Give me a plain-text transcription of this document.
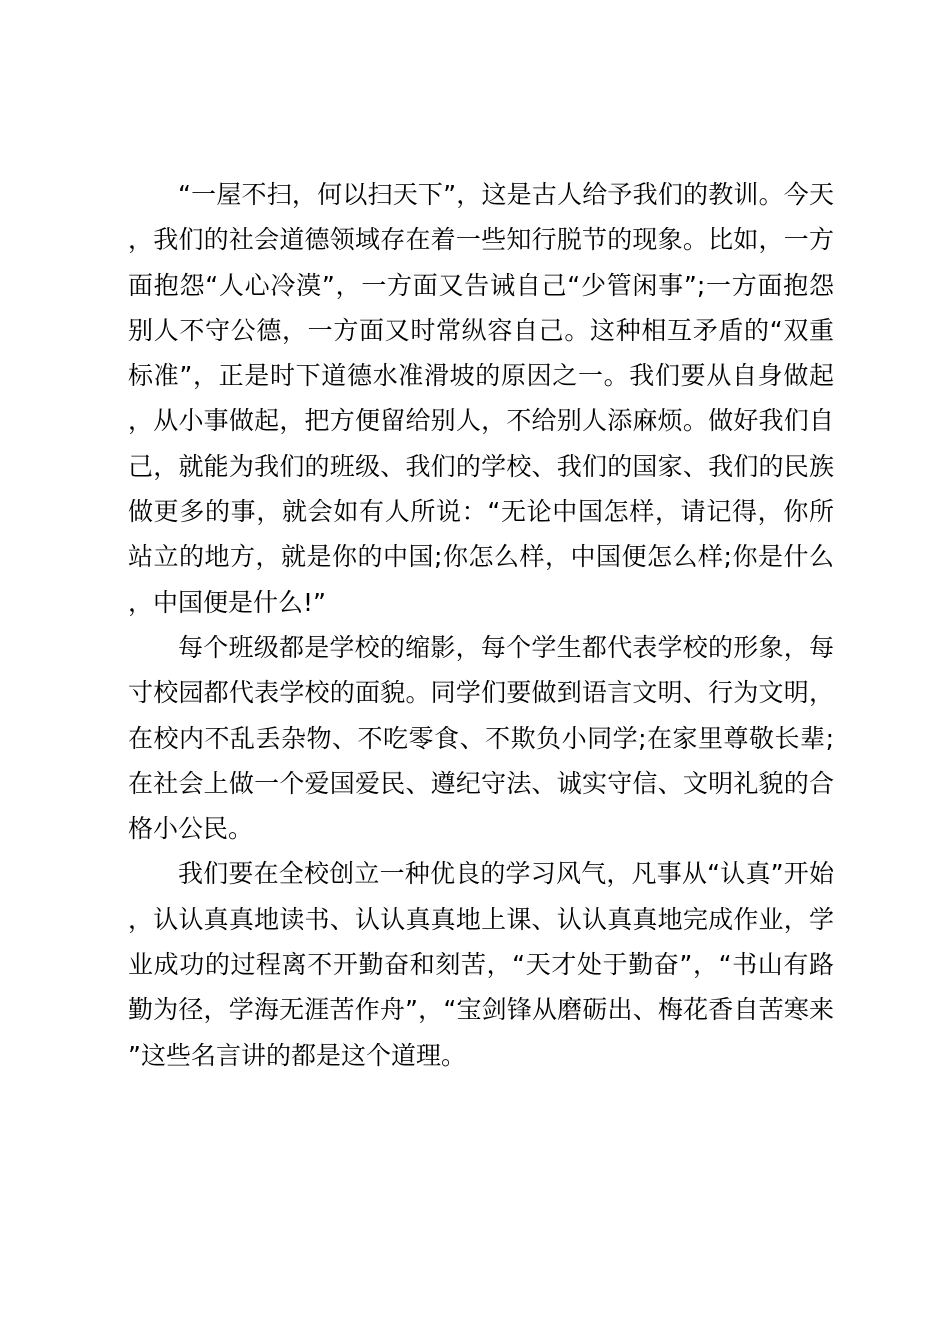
“一屋不扫，何以扫天下”，这是古人给予我们的教训。今天，我们的社会道德领域存在着一些知行脱节的现象。比如，一方面抱怨“人心冷漠”，一方面又告诫自己“少管闲事”;一方面抱怨别人不守公德，一方面又时常纵容自己。这种相互矛盾的“双重标准”，正是时下道德水准滑坡的原因之一。我们要从自身做起，从小事做起，把方便留给别人，不给别人添麻烦。做好我们自己，就能为我们的班级、我们的学校、我们的国家、我们的民族做更多的事，就会如有人所说：“无论中国怎样，请记得，你所站立的地方，就是你的中国;你怎么样，中国便怎么样;你是什么，中国便是什么!”

每个班级都是学校的缩影，每个学生都代表学校的形象，每寸校园都代表学校的面貌。同学们要做到语言文明、行为文明，在校内不乱丢杂物、不吃零食、不欺负小同学;在家里尊敬长辈;在社会上做一个爱国爱民、遵纪守法、诚实守信、文明礼貌的合格小公民。

我们要在全校创立一种优良的学习风气，凡事从“认真”开始，认认真真地读书、认认真真地上课、认认真真地完成作业，学业成功的过程离不开勤奋和刻苦，“天才处于勤奋”，“书山有路勤为径，学海无涯苦作舟”，“宝剑锋从磨砺出、梅花香自苦寒来”这些名言讲的都是这个道理。
